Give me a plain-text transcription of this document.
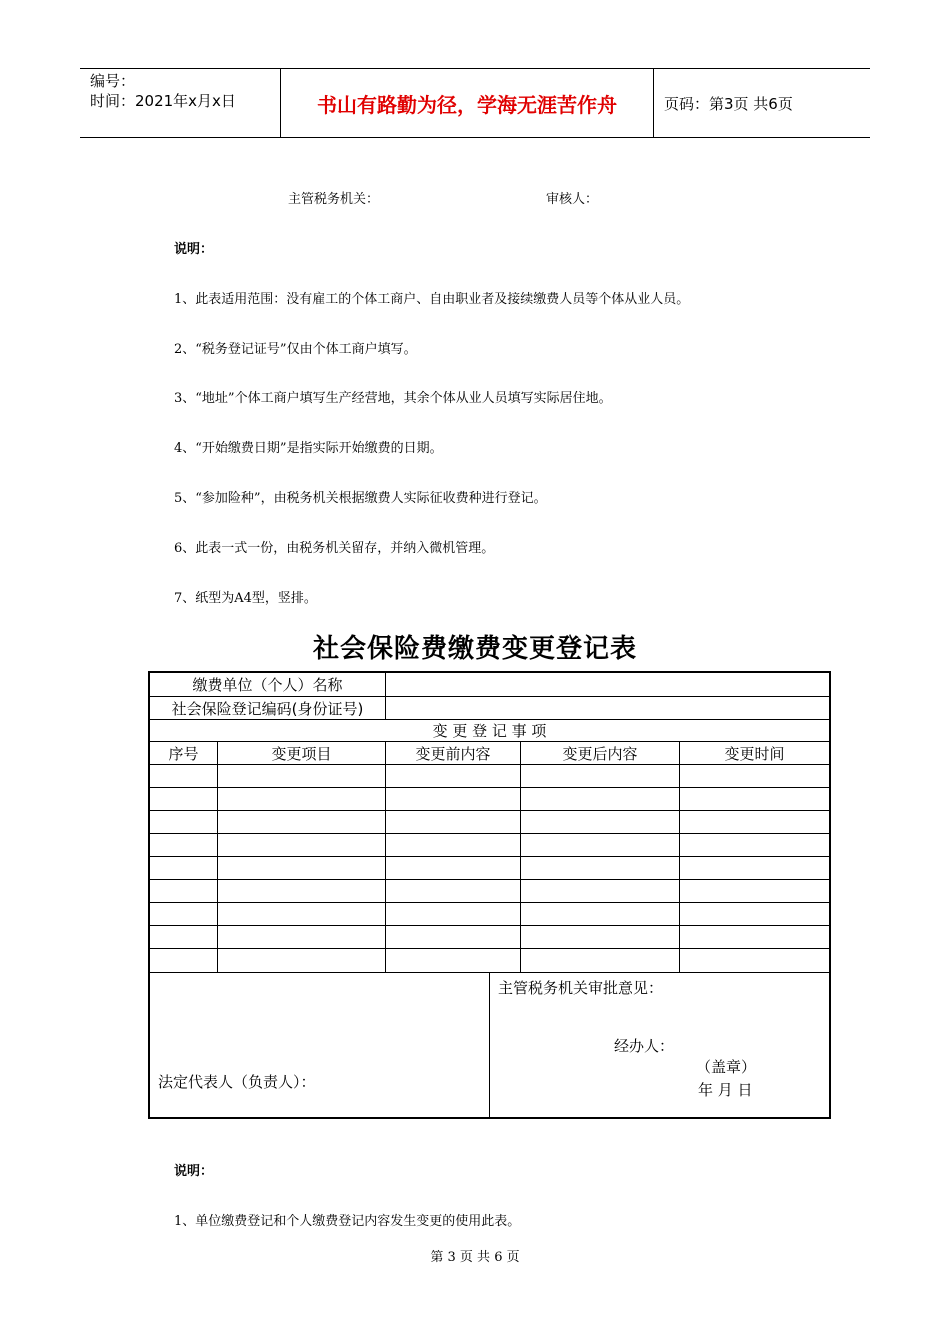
编号：
时间：2021年x月x日	书山有路勤为径，学海无涯苦作舟	页码：第3页 共6页
主管税务机关：	审核人：
说明：
1、此表适用范围：没有雇工的个体工商户、自由职业者及接续缴费人员等个体从业人员。
2、“税务登记证号”仅由个体工商户填写。
3、“地址”个体工商户填写生产经营地，其余个体从业人员填写实际居住地。
4、“开始缴费日期”是指实际开始缴费的日期。
5、“参加险种”，由税务机关根据缴费人实际征收费种进行登记。
6、此表一式一份，由税务机关留存，并纳入微机管理。
7、纸型为A4型，竖排。
社会保险费缴费变更登记表
缴费单位（个人）名称
社会保险登记编码(身份证号)
变 更 登 记 事 项
序号	变更项目	变更前内容	变更后内容	变更时间
法定代表人（负责人）：
主管税务机关审批意见：
经办人：
（盖章）
年 月 日
说明：
1、单位缴费登记和个人缴费登记内容发生变更的使用此表。
第 3 页 共 6 页
